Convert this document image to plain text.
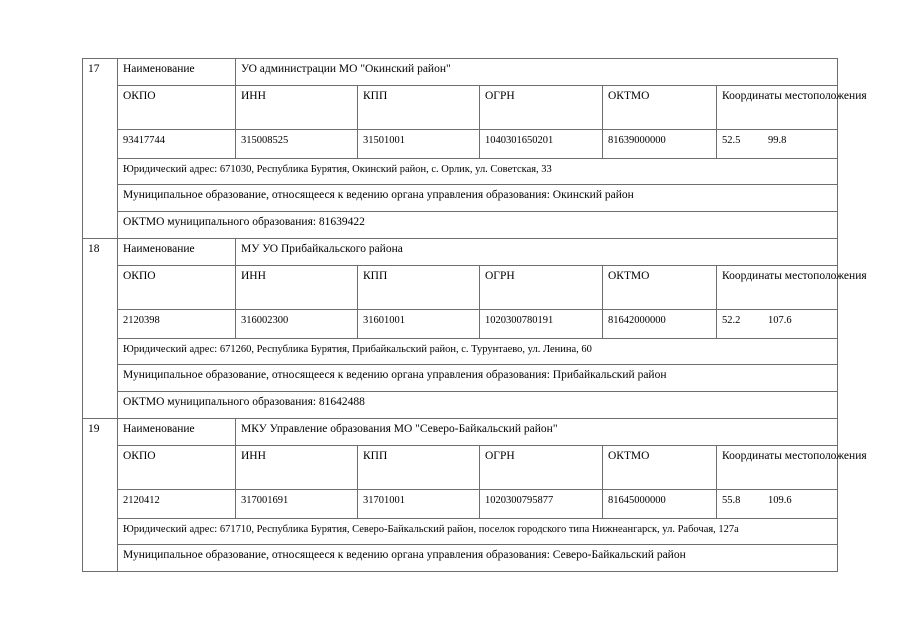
17	Наименование	УО администрации МО "Окинский район"				
	ОКПО	ИНН	КПП	ОГРН	ОКТМО	Координаты местоположения
	93417744	315008525	31501001	1040301650201	81639000000	52.5 99.8

	Юридический адрес: 671030, Республика Бурятия, Окинский район, с. Орлик, ул. Советская, 33					
	Муниципальное образование, относящееся к ведению органа управления образования: Окинский район					
	ОКТМО муниципального образования: 81639422					
18	Наименование	МУ УО Прибайкальского района				
	ОКПО	ИНН	КПП	ОГРН	ОКТМО	Координаты местоположения
	2120398	316002300	31601001	1020300780191	81642000000	52.2 107.6

	Юридический адрес: 671260, Республика Бурятия, Прибайкальский район, с. Турунтаево, ул. Ленина, 60					
	Муниципальное образование, относящееся к ведению органа управления образования: Прибайкальский район					
	ОКТМО муниципального образования: 81642488					
19	Наименование	МКУ Управление образования МО "Северо-Байкальский район"				
	ОКПО	ИНН	КПП	ОГРН	ОКТМО	Координаты местоположения
	2120412	317001691	31701001	1020300795877	81645000000	55.8 109.6

	Юридический адрес: 671710, Республика Бурятия, Северо-Байкальский район, поселок городского типа Нижнеангарск, ул. Рабочая, 127а					
	Муниципальное образование, относящееся к ведению органа управления образования: Северо-Байкальский район					
